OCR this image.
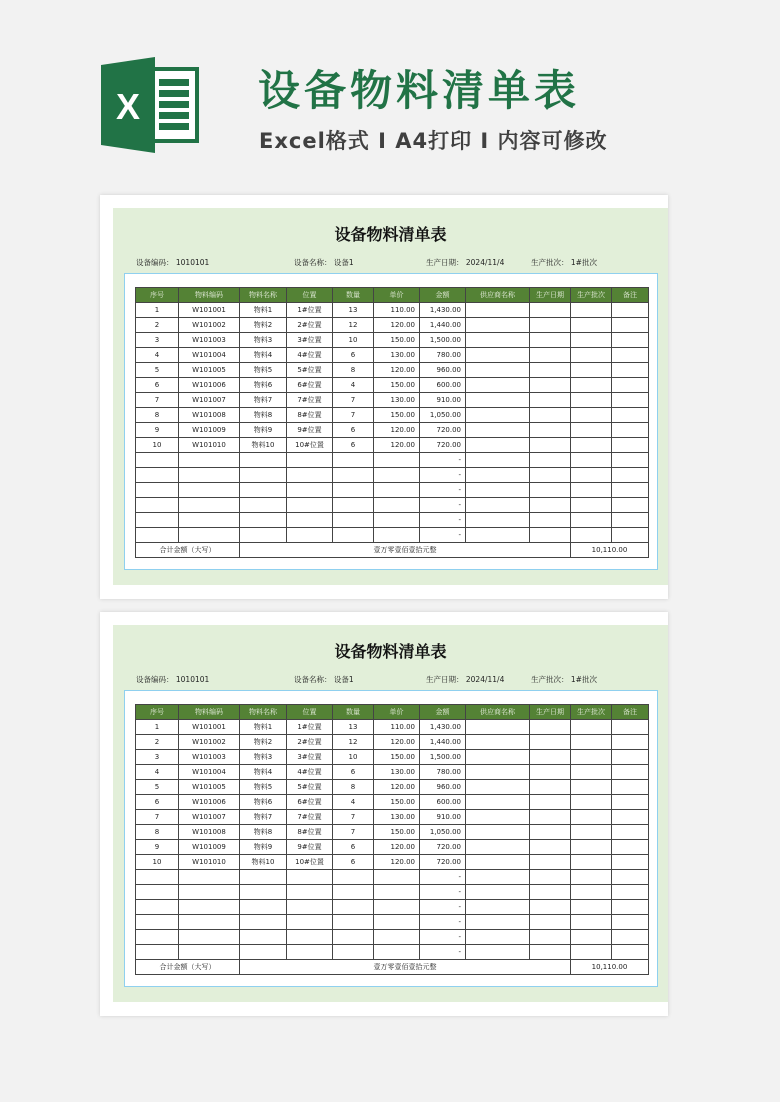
X	设备物料清单表
Excel格式 I A4打印 I 内容可修改
设备物料清单表
设备编码： 1010101	设备名称： 设备1	生产日期： 2024/11/4	生产批次： 1#批次
序号	物料编码	物料名称	位置	数量	单价	金额	供应商名称	生产日期	生产批次	备注
1	W101001	物料1	1#位置	13	110.00	1,430.00				
2	W101002	物料2	2#位置	12	120.00	1,440.00				
3	W101003	物料3	3#位置	10	150.00	1,500.00				
4	W101004	物料4	4#位置	6	130.00	780.00				
5	W101005	物料5	5#位置	8	120.00	960.00				
6	W101006	物料6	6#位置	4	150.00	600.00				
7	W101007	物料7	7#位置	7	130.00	910.00				
8	W101008	物料8	8#位置	7	150.00	1,050.00				
9	W101009	物料9	9#位置	6	120.00	720.00				
10	W101010	物料10	10#位置	6	120.00	720.00				
						-				
						-				
						-				
						-				
						-				
						-				
合计金额（大写）		壹万零壹佰壹拾元整							10,110.00	
设备物料清单表
设备编码： 1010101	设备名称： 设备1	生产日期： 2024/11/4	生产批次： 1#批次
序号	物料编码	物料名称	位置	数量	单价	金额	供应商名称	生产日期	生产批次	备注
1	W101001	物料1	1#位置	13	110.00	1,430.00				
2	W101002	物料2	2#位置	12	120.00	1,440.00				
3	W101003	物料3	3#位置	10	150.00	1,500.00				
4	W101004	物料4	4#位置	6	130.00	780.00				
5	W101005	物料5	5#位置	8	120.00	960.00				
6	W101006	物料6	6#位置	4	150.00	600.00				
7	W101007	物料7	7#位置	7	130.00	910.00				
8	W101008	物料8	8#位置	7	150.00	1,050.00				
9	W101009	物料9	9#位置	6	120.00	720.00				
10	W101010	物料10	10#位置	6	120.00	720.00				
						-				
						-				
						-				
						-				
						-				
						-				
合计金额（大写）		壹万零壹佰壹拾元整							10,110.00	
